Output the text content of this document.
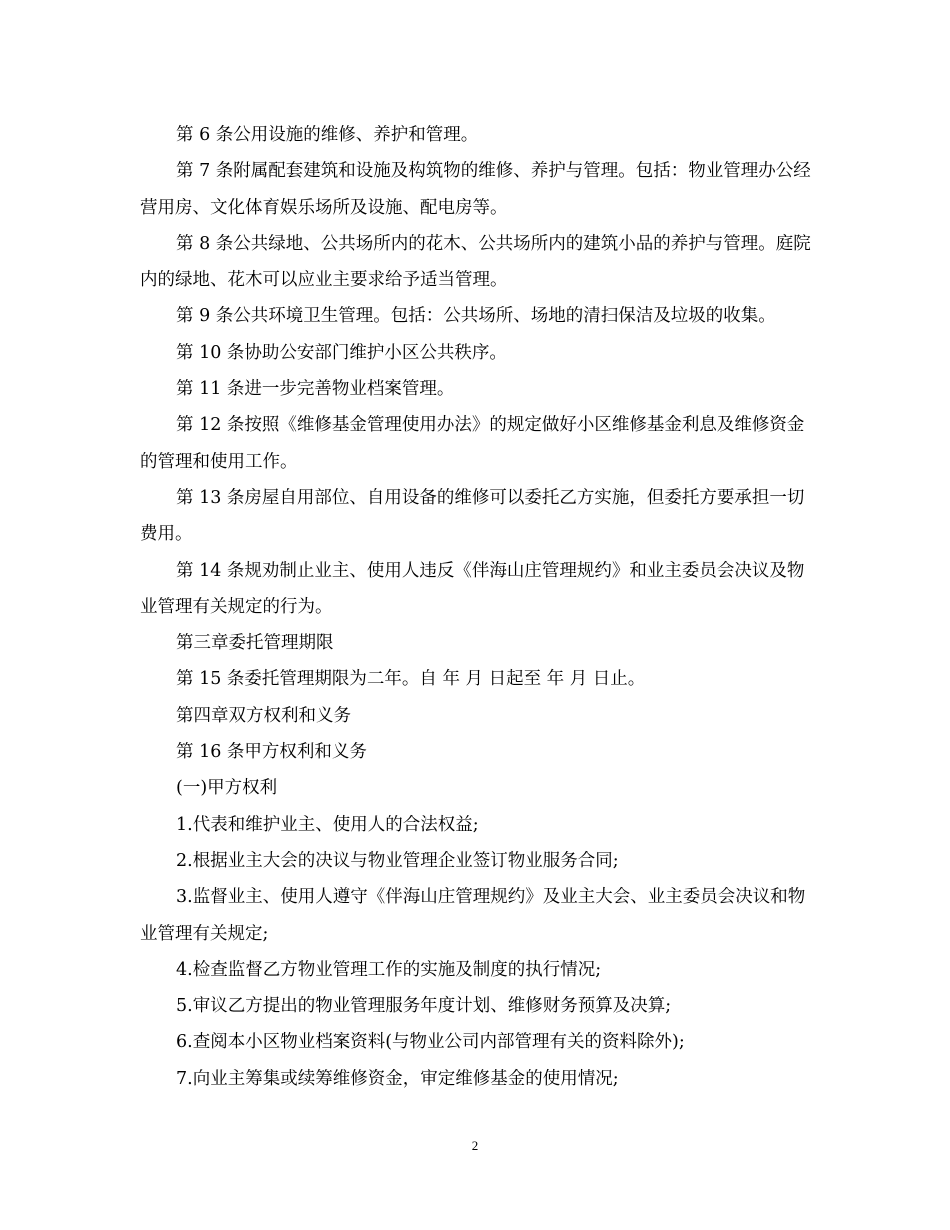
第 6 条公用设施的维修、养护和管理。

第 7 条附属配套建筑和设施及构筑物的维修、养护与管理。包括：物业管理办公经营用房、文化体育娱乐场所及设施、配电房等。

第 8 条公共绿地、公共场所内的花木、公共场所内的建筑小品的养护与管理。庭院内的绿地、花木可以应业主要求给予适当管理。

第 9 条公共环境卫生管理。包括：公共场所、场地的清扫保洁及垃圾的收集。

第 10 条协助公安部门维护小区公共秩序。

第 11 条进一步完善物业档案管理。

第 12 条按照《维修基金管理使用办法》的规定做好小区维修基金利息及维修资金的管理和使用工作。

第 13 条房屋自用部位、自用设备的维修可以委托乙方实施，但委托方要承担一切费用。

第 14 条规劝制止业主、使用人违反《伴海山庄管理规约》和业主委员会决议及物业管理有关规定的行为。

第三章委托管理期限

第 15 条委托管理期限为二年。自 年 月 日起至 年 月 日止。

第四章双方权利和义务

第 16 条甲方权利和义务

(一)甲方权利

1.代表和维护业主、使用人的合法权益;

2.根据业主大会的决议与物业管理企业签订物业服务合同;

3.监督业主、使用人遵守《伴海山庄管理规约》及业主大会、业主委员会决议和物业管理有关规定;

4.检查监督乙方物业管理工作的实施及制度的执行情况;

5.审议乙方提出的物业管理服务年度计划、维修财务预算及决算;

6.查阅本小区物业档案资料(与物业公司内部管理有关的资料除外);

7.向业主筹集或续筹维修资金，审定维修基金的使用情况;

2
